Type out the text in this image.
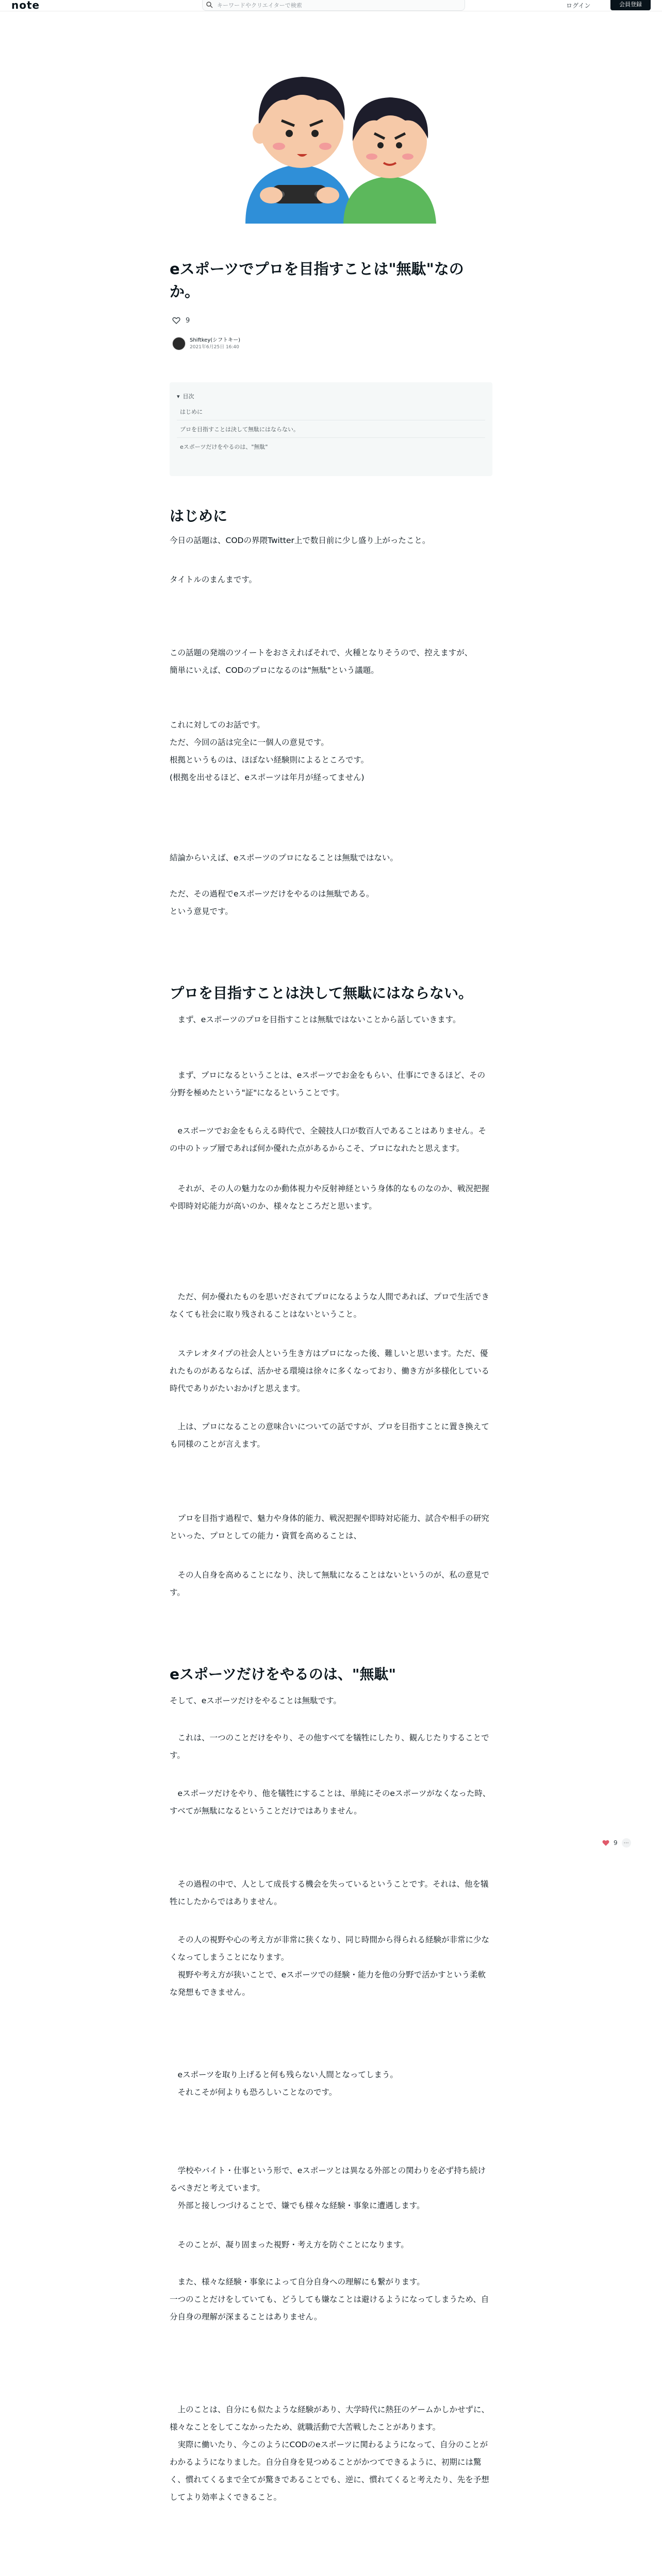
note	キーワードやクリエイターで検索	ログイン	会員登録
eスポーツでプロを目指すことは"無駄"なのか。
9
Shiftkey(シフトキー)
2021年6月25日 16:40
▾ 目次
はじめに
プロを目指すことは決して無駄にはならない。
eスポーツだけをやるのは、"無駄"
はじめに

今日の話題は、CODの界隈Twitter上で数日前に少し盛り上がったこと。

タイトルのまんまです。

この話題の発端のツイートをおさえればそれで、火種となりそうので、控えますが、
簡単にいえば、CODのプロになるのは"無駄"という議題。

これに対してのお話です。
ただ、今回の話は完全に一個人の意見です。
根拠というものは、ほぼない経験則によるところです。
(根拠を出せるほど、eスポーツは年月が経ってません)

結論からいえば、eスポーツのプロになることは無駄ではない。

ただ、その過程でeスポーツだけをやるのは無駄である。
という意見です。

プロを目指すことは決して無駄にはならない。

　まず、eスポーツのプロを目指すことは無駄ではないことから話していきます。

　まず、プロになるということは、eスポーツでお金をもらい、仕事にできるほど、その分野を極めたという"証"になるということです。

　eスポーツでお金をもらえる時代で、全競技人口が数百人であることはありません。その中のトップ層であれば何か優れた点があるからこそ、プロになれたと思えます。

　それが、その人の魅力なのか動体視力や反射神経という身体的なものなのか、戦況把握や即時対応能力が高いのか、様々なところだと思います。

　ただ、何か優れたものを思いだされてプロになるような人間であれば、プロで生活できなくても社会に取り残されることはないということ。

　ステレオタイプの社会人という生き方はプロになった後、難しいと思います。ただ、優れたものがあるならば、活かせる環境は徐々に多くなっており、働き方が多様化している時代でありがたいおかげと思えます。

　上は、プロになることの意味合いについての話ですが、プロを目指すことに置き換えても同様のことが言えます。

　プロを目指す過程で、魅力や身体的能力、戦況把握や即時対応能力、試合や相手の研究といった、プロとしての能力・資質を高めることは、

　その人自身を高めることになり、決して無駄になることはないというのが、私の意見です。

eスポーツだけをやるのは、"無駄"

そして、eスポーツだけをやることは無駄です。

　これは、一つのことだけをやり、その他すべてを犠牲にしたり、観んじたりすることです。

　eスポーツだけをやり、他を犠牲にすることは、単純にそのeスポーツがなくなった時、すべてが無駄になるということだけではありません。

　その過程の中で、人として成長する機会を失っているということです。それは、他を犠牲にしたからではありません。

　その人の視野や心の考え方が非常に狭くなり、同じ時間から得られる経験が非常に少なくなってしまうことになります。
　視野や考え方が狭いことで、eスポーツでの経験・能力を他の分野で活かすという柔軟な発想もできません。

　eスポーツを取り上げると何も残らない人間となってしまう。
　それこそが何よりも恐ろしいことなのです。

　学校やバイト・仕事という形で、eスポーツとは異なる外部との関わりを必ず持ち続けるべきだと考えています。
　外部と接しつづけることで、嫌でも様々な経験・事象に遭遇します。

　そのことが、凝り固まった視野・考え方を防ぐことになります。

　また、様々な経験・事象によって自分自身への理解にも繋がります。
一つのことだけをしていても、どうしても嫌なことは避けるようになってしまうため、自分自身の理解が深まることはありません。

　上のことは、自分にも似たような経験があり、大学時代に熱狂のゲームかしかせずに、様々なことをしてこなかったため、就職活動で大苦戦したことがあります。
　実際に働いたり、今このようにCODのeスポーツに関わるようになって、自分のことがわかるようになりました。自分自身を見つめることがかつてできるように、初期には驚く、慣れてくるまで全てが驚きであることでも、逆に、慣れてくると考えたり、先を予想してより効率よくできること。

9	⋯
